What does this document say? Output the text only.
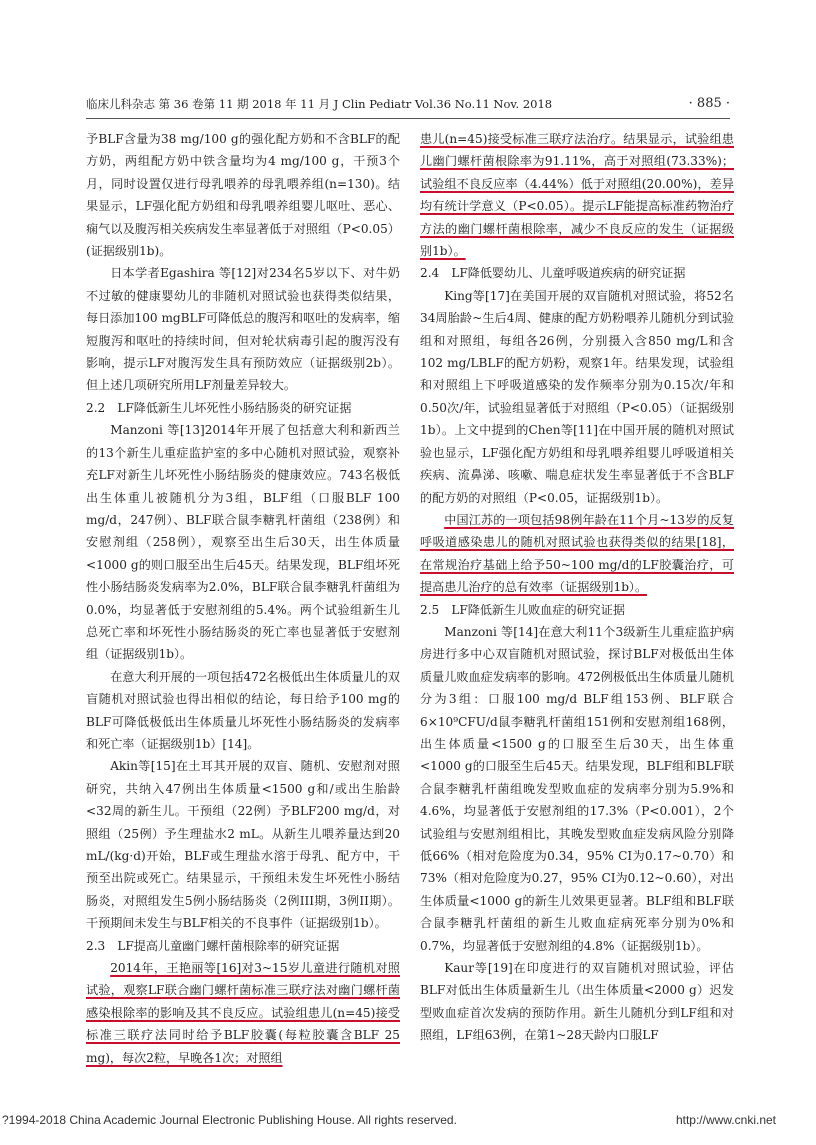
临床儿科杂志 第 36 卷第 11 期 2018 年 11 月 J Clin Pediatr Vol.36 No.11 Nov. 2018	· 885 ·

予BLF含量为38 mg/100 g的强化配方奶和不含BLF的配方奶，两组配方奶中铁含量均为4 mg/100 g，干预3个月，同时设置仅进行母乳喂养的母乳喂养组(n=130)。结果显示，LF强化配方奶组和母乳喂养组婴儿呕吐、恶心、痫气以及腹泻相关疾病发生率显著低于对照组（P<0.05）(证据级别1b)。

日本学者Egashira 等[12]对234名5岁以下、对牛奶不过敏的健康婴幼儿的非随机对照试验也获得类似结果，每日添加100 mgBLF可降低总的腹泻和呕吐的发病率，缩短腹泻和呕吐的持续时间，但对轮状病毒引起的腹泻没有影响，提示LF对腹泻发生具有预防效应（证据级别2b）。但上述几项研究所用LF剂量差异较大。

2.2　LF降低新生儿坏死性小肠结肠炎的研究证据

Manzoni 等[13]2014年开展了包括意大利和新西兰的13个新生儿重症监护室的多中心随机对照试验，观察补充LF对新生儿坏死性小肠结肠炎的健康效应。743名极低出生体重儿被随机分为3组，BLF组（口服BLF 100 mg/d，247例）、BLF联合鼠李糖乳杆菌组（238例）和安慰剂组（258例），观察至出生后30天，出生体质量<1000 g的则口服至出生后45天。结果发现，BLF组坏死性小肠结肠炎发病率为2.0%，BLF联合鼠李糖乳杆菌组为0.0%，均显著低于安慰剂组的5.4%。两个试验组新生儿总死亡率和坏死性小肠结肠炎的死亡率也显著低于安慰剂组（证据级别1b）。

在意大利开展的一项包括472名极低出生体质量儿的双盲随机对照试验也得出相似的结论，每日给予100 mg的BLF可降低极低出生体质量儿坏死性小肠结肠炎的发病率和死亡率（证据级别1b）[14]。

Akin等[15]在土耳其开展的双盲、随机、安慰剂对照研究，共纳入47例出生体质量<1500 g和/或出生胎龄<32周的新生儿。干预组（22例）予BLF200 mg/d，对照组（25例）予生理盐水2 mL。从新生儿喂养量达到20 mL/(kg·d)开始，BLF或生理盐水溶于母乳、配方中，干预至出院或死亡。结果显示，干预组未发生坏死性小肠结肠炎，对照组发生5例小肠结肠炎（2例III期，3例II期）。干预期间未发生与BLF相关的不良事件（证据级别1b）。

2.3　LF提高儿童幽门螺杆菌根除率的研究证据

2014年，王艳丽等[16]对3~15岁儿童进行随机对照试验，观察LF联合幽门螺杆菌标准三联疗法对幽门螺杆菌感染根除率的影响及其不良反应。试验组患儿(n=45)接受标准三联疗法同时给予BLF胶囊(每粒胶囊含BLF 25 mg)，每次2粒，早晚各1次；对照组

患儿(n=45)接受标准三联疗法治疗。结果显示，试验组患儿幽门螺杆菌根除率为91.11%，高于对照组(73.33%)；试验组不良反应率（4.44%）低于对照组(20.00%)，差异均有统计学意义（P<0.05）。提示LF能提高标准药物治疗方法的幽门螺杆菌根除率，减少不良反应的发生（证据级别1b）。

2.4　LF降低婴幼儿、儿童呼吸道疾病的研究证据

King等[17]在美国开展的双盲随机对照试验，将52名34周胎龄~生后4周、健康的配方奶粉喂养儿随机分到试验组和对照组，每组各26例，分别摄入含850 mg/L和含102 mg/LBLF的配方奶粉，观察1年。结果发现，试验组和对照组上下呼吸道感染的发作频率分别为0.15次/年和0.50次/年，试验组显著低于对照组（P<0.05）（证据级别1b）。上文中提到的Chen等[11]在中国开展的随机对照试验也显示，LF强化配方奶组和母乳喂养组婴儿呼吸道相关疾病、流鼻涕、咳嗽、喘息症状发生率显著低于不含BLF的配方奶的对照组（P<0.05，证据级别1b）。

中国江苏的一项包括98例年龄在11个月~13岁的反复呼吸道感染患儿的随机对照试验也获得类似的结果[18]，在常规治疗基础上给予50~100 mg/d的LF胶囊治疗，可提高患儿治疗的总有效率（证据级别1b）。

2.5　LF降低新生儿败血症的研究证据

Manzoni 等[14]在意大利11个3级新生儿重症监护病房进行多中心双盲随机对照试验，探讨BLF对极低出生体质量儿败血症发病率的影响。472例极低出生体质量儿随机分为3组：口服100 mg/d BLF组153例、BLF联合6×10⁹CFU/d鼠李糖乳杆菌组151例和安慰剂组168例，出生体质量<1500 g的口服至生后30天，出生体重<1000 g的口服至生后45天。结果发现，BLF组和BLF联合鼠李糖乳杆菌组晚发型败血症的发病率分别为5.9%和4.6%，均显著低于安慰剂组的17.3%（P<0.001），2个试验组与安慰剂组相比，其晚发型败血症发病风险分别降低66%（相对危险度为0.34，95% CI为0.17~0.70）和73%（相对危险度为0.27，95% CI为0.12~0.60），对出生体质量<1000 g的新生儿效果更显著。BLF组和BLF联合鼠李糖乳杆菌组的新生儿败血症病死率分别为0%和0.7%，均显著低于安慰剂组的4.8%（证据级别1b）。

Kaur等[19]在印度进行的双盲随机对照试验，评估BLF对低出生体质量新生儿（出生体质量<2000 g）迟发型败血症首次发病的预防作用。新生儿随机分到LF组和对照组，LF组63例，在第1~28天龄内口服LF

?1994-2018 China Academic Journal Electronic Publishing House. All rights reserved.	http://www.cnki.net
